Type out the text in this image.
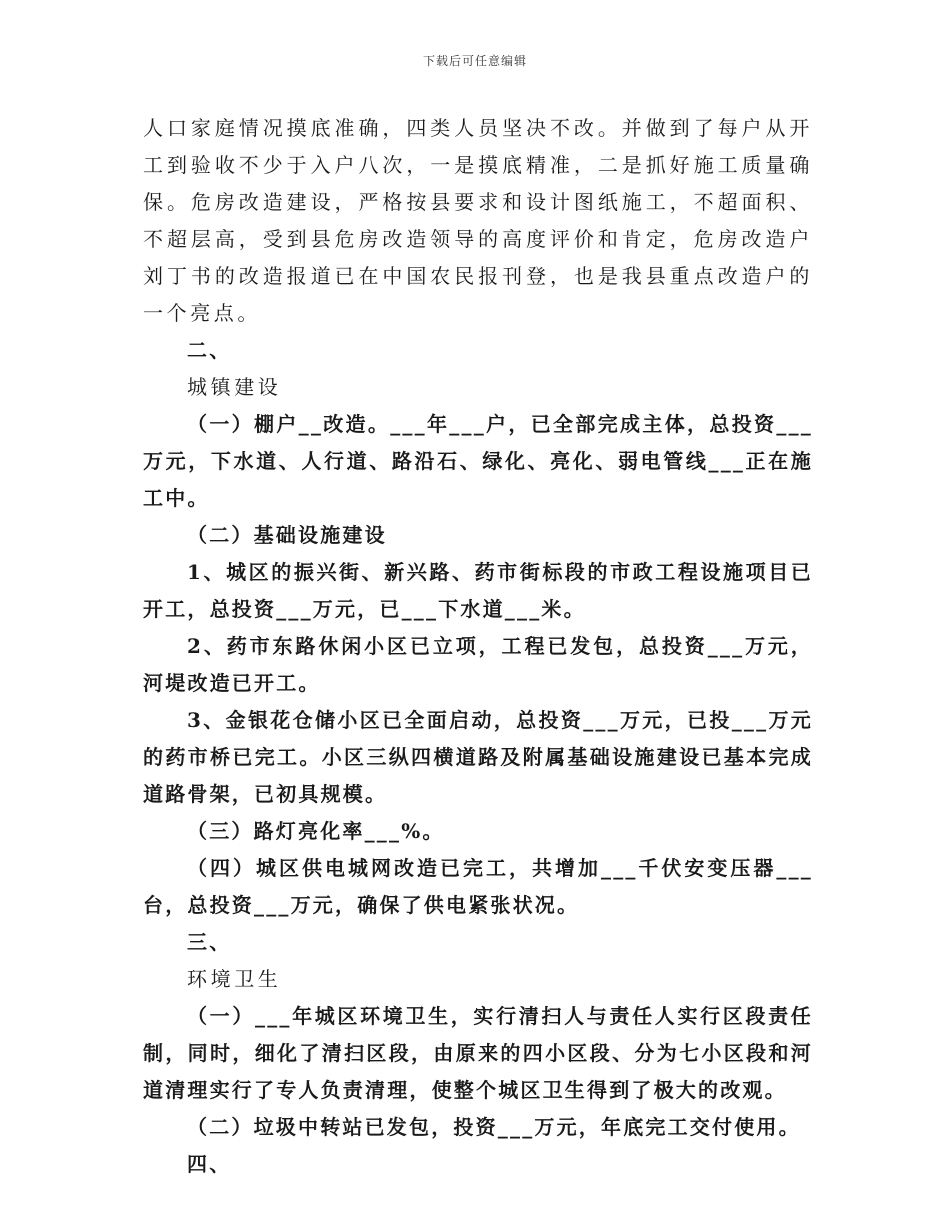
下载后可任意编辑

人口家庭情况摸底准确，四类人员坚决不改。并做到了每户从开工到验收不少于入户八次，一是摸底精准，二是抓好施工质量确保。危房改造建设，严格按县要求和设计图纸施工，不超面积、不超层高，受到县危房改造领导的高度评价和肯定，危房改造户刘丁书的改造报道已在中国农民报刊登，也是我县重点改造户的一个亮点。

二、

城镇建设

（一）棚户__改造。___年___户，已全部完成主体，总投资___万元，下水道、人行道、路沿石、绿化、亮化、弱电管线___正在施工中。

（二）基础设施建设

1、城区的振兴街、新兴路、药市街标段的市政工程设施项目已开工，总投资___万元，已___下水道___米。

2、药市东路休闲小区已立项，工程已发包，总投资___万元，河堤改造已开工。

3、金银花仓储小区已全面启动，总投资___万元，已投___万元的药市桥已完工。小区三纵四横道路及附属基础设施建设已基本完成道路骨架，已初具规模。

（三）路灯亮化率___%。

（四）城区供电城网改造已完工，共增加___千伏安变压器___台，总投资___万元，确保了供电紧张状况。

三、

环境卫生

（一）___年城区环境卫生，实行清扫人与责任人实行区段责任制，同时，细化了清扫区段，由原来的四小区段、分为七小区段和河道清理实行了专人负责清理，使整个城区卫生得到了极大的改观。

（二）垃圾中转站已发包，投资___万元，年底完工交付使用。

四、
